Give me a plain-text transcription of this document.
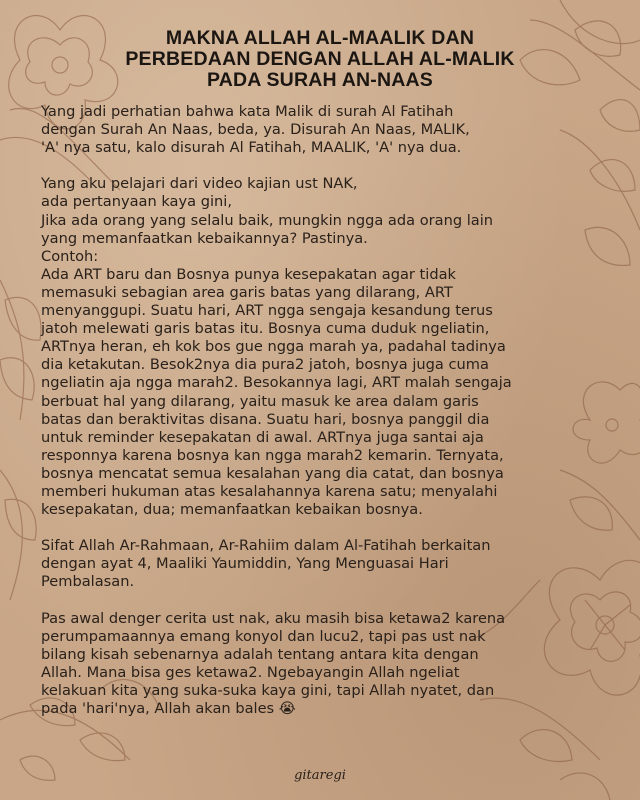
MAKNA ALLAH AL-MAALIK DAN
PERBEDAAN DENGAN ALLAH AL-MALIK
PADA SURAH AN-NAAS
Yang jadi perhatian bahwa kata Malik di surah Al Fatihah
dengan Surah An Naas, beda, ya. Disurah An Naas, MALIK,
'A' nya satu, kalo disurah Al Fatihah, MAALIK, 'A' nya dua.
Yang aku pelajari dari video kajian ust NAK,
ada pertanyaan kaya gini,
Jika ada orang yang selalu baik, mungkin ngga ada orang lain
yang memanfaatkan kebaikannya? Pastinya.
Contoh:
Ada ART baru dan Bosnya punya kesepakatan agar tidak
memasuki sebagian area garis batas yang dilarang, ART
menyanggupi. Suatu hari, ART ngga sengaja kesandung terus
jatoh melewati garis batas itu. Bosnya cuma duduk ngeliatin,
ARTnya heran, eh kok bos gue ngga marah ya, padahal tadinya
dia ketakutan. Besok2nya dia pura2 jatoh, bosnya juga cuma
ngeliatin aja ngga marah2. Besokannya lagi, ART malah sengaja
berbuat hal yang dilarang, yaitu masuk ke area dalam garis
batas dan beraktivitas disana. Suatu hari, bosnya panggil dia
untuk reminder kesepakatan di awal. ARTnya juga santai aja
responnya karena bosnya kan ngga marah2 kemarin. Ternyata,
bosnya mencatat semua kesalahan yang dia catat, dan bosnya
memberi hukuman atas kesalahannya karena satu; menyalahi
kesepakatan, dua; memanfaatkan kebaikan bosnya.
Sifat Allah Ar-Rahmaan, Ar-Rahiim dalam Al-Fatihah berkaitan
dengan ayat 4, Maaliki Yaumiddin, Yang Menguasai Hari
Pembalasan.
Pas awal denger cerita ust nak, aku masih bisa ketawa2 karena
perumpamaannya emang konyol dan lucu2, tapi pas ust nak
bilang kisah sebenarnya adalah tentang antara kita dengan
Allah. Mana bisa ges ketawa2. Ngebayangin Allah ngeliat
kelakuan kita yang suka-suka kaya gini, tapi Allah nyatet, dan
pada 'hari'nya, Allah akan bales 😭
gitaregi
